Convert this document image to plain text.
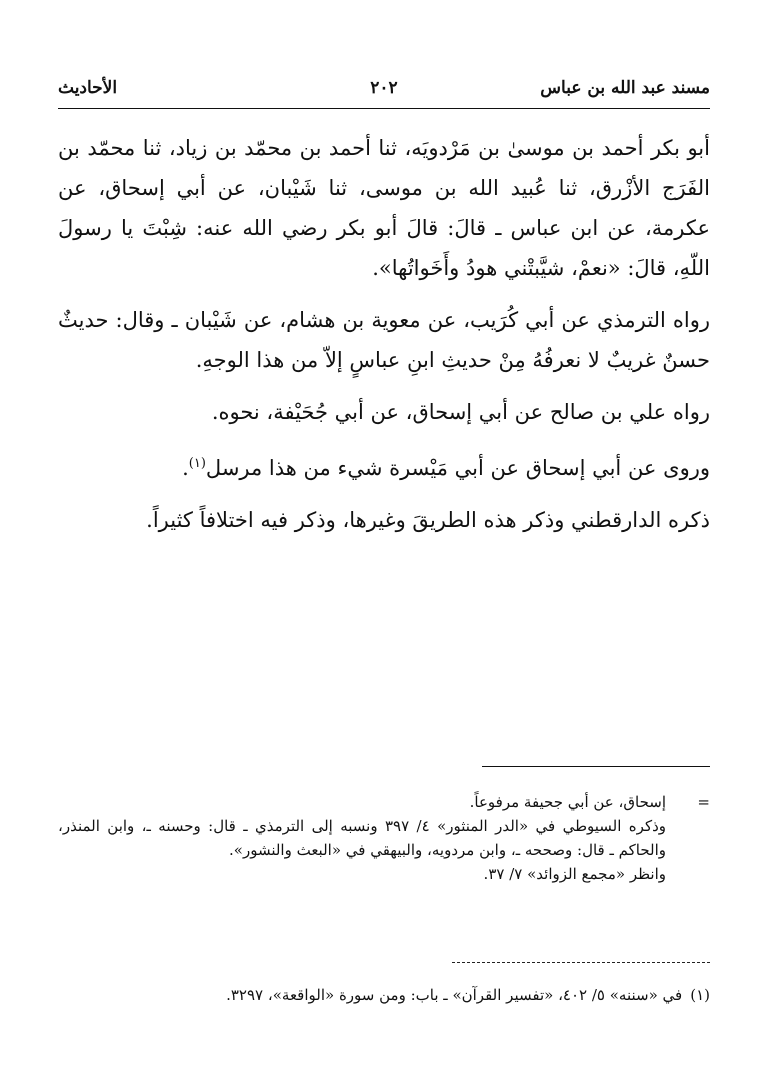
مسند عبد الله بن عباس
٢٠٢
الأحاديث

أبو بكر أحمد بن موسىٰ بن مَرْدويَه، ثنا أحمد بن محمّد بن زياد، ثنا محمّد بن الفَرَج الأزْرق، ثنا عُبيد الله بن موسى، ثنا شَيْبان، عن أبي إسحاق، عن عكرمة، عن ابن عباس ـ قالَ: قالَ أبو بكر رضي الله عنه: شِبْتَ يا رسولَ اللّهِ، قالَ: «نعمْ، شيَّبتْني هودُ وأَخَواتُها».

رواه الترمذي عن أبي كُرَيب، عن معوية بن هشام، عن شَيْبان ـ وقال: حديثٌ حسنٌ غريبٌ لا نعرفُهُ مِنْ حديثِ ابنِ عباسٍ إلاّ من هذا الوجهِ.

رواه علي بن صالح عن أبي إسحاق، عن أبي جُحَيْفة، نحوه.

وروى عن أبي إسحاق عن أبي مَيْسرة شيء من هذا مرسل$^{(١)}$.

ذكره الدارقطني وذكر هذه الطريقَ وغيرها، وذكر فيه اختلافاً كثيراً.

=
إسحاق، عن أبي جحيفة مرفوعاً.
وذكره السيوطي في «الدر المنثور» ٤/ ٣٩٧ ونسبه إلى الترمذي ـ قال: وحسنه ـ، وابن المنذر، والحاكم ـ قال: وصححه ـ، وابن مردويه، والبيهقي في «البعث والنشور».
وانظر «مجمع الزوائد» ٧/ ٣٧.
(١)في «سننه» ٥/ ٤٠٢، «تفسير القرآن» ـ باب: ومن سورة «الواقعة»، ٣٢٩٧.
